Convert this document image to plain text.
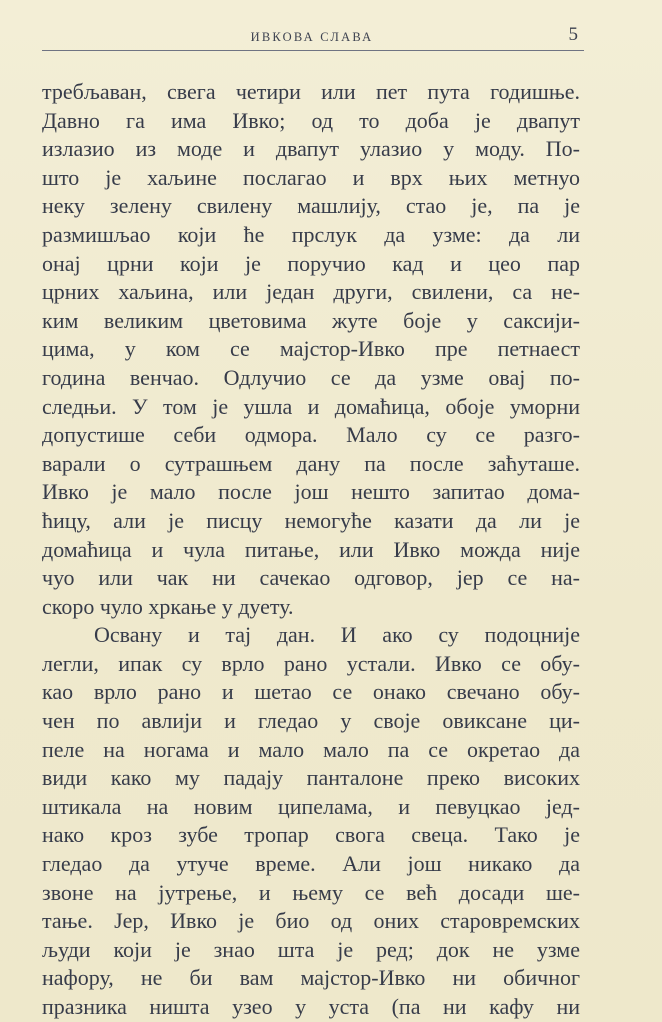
ИВКОВА СЛАВА	5
требљаван, свега четири или пет пута годишње.
Давно га има Ивко; од то доба је двапут
излазио из моде и двапут улазио у моду. По-
што је хаљине послагао и врх њих метнуо
неку зелену свилену машлију, стао је, па је
размишљао који ће прслук да узме: да ли
онај црни који је поручио кад и цео пар
црних хаљина, или један други, свилени, са не-
ким великим цветовима жуте боје у саксији-
цима, у ком се мајстор-Ивко пре петнаест
година венчао. Одлучио се да узме овај по-
следњи. У том је ушла и домаћица, обоје уморни
допустише себи одмора. Мало су се разго-
варали о сутрашњем дану па после заћуташе.
Ивко је мало после још нешто запитао дома-
ћицу, али је писцу немогуће казати да ли је
домаћица и чула питање, или Ивко можда није
чуо или чак ни сачекао одговор, јер се на-
скоро чуло хркање у дуету.
Освану и тај дан. И ако су подоцније
легли, ипак су врло рано устали. Ивко се обу-
као врло рано и шетао се онако свечано обу-
чен по авлији и гледао у своје овиксане ци-
пеле на ногама и мало мало па се окретао да
види како му падају панталоне преко високих
штикала на новим ципелама, и певуцкао јед-
нако кроз зубе тропар свога свеца. Тако је
гледао да утуче време. Али још никако да
звоне на јутрење, и њему се већ досади ше-
тање. Јер, Ивко је био од оних старовремских
људи који је знао шта је ред; док не узме
нафору, не би вам мајстор-Ивко ни обичног
празника ништа узео у уста (па ни кафу ни
